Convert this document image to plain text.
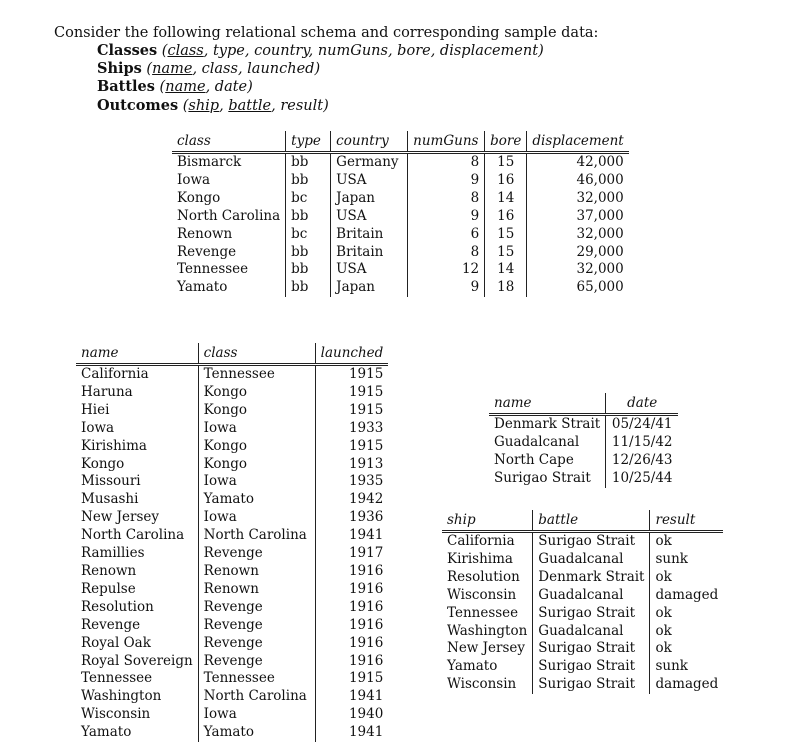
Consider the following relational schema and corresponding sample data:
Classes (class, type, country, numGuns, bore, displacement)
Ships (name, class, launched)
Battles (name, date)
Outcomes (ship, battle, result)
class	type	country	numGuns	bore	displacement
Bismarck	bb	Germany	8	15	42,000
Iowa	bb	USA	9	16	46,000
Kongo	bc	Japan	8	14	32,000
North Carolina	bb	USA	9	16	37,000
Renown	bc	Britain	6	15	32,000
Revenge	bb	Britain	8	15	29,000
Tennessee	bb	USA	12	14	32,000
Yamato	bb	Japan	9	18	65,000
name	class	launched
California	Tennessee	1915
Haruna	Kongo	1915
Hiei	Kongo	1915
Iowa	Iowa	1933
Kirishima	Kongo	1915
Kongo	Kongo	1913
Missouri	Iowa	1935
Musashi	Yamato	1942
New Jersey	Iowa	1936
North Carolina	North Carolina	1941
Ramillies	Revenge	1917
Renown	Renown	1916
Repulse	Renown	1916
Resolution	Revenge	1916
Revenge	Revenge	1916
Royal Oak	Revenge	1916
Royal Sovereign	Revenge	1916
Tennessee	Tennessee	1915
Washington	North Carolina	1941
Wisconsin	Iowa	1940
Yamato	Yamato	1941
name	date
Denmark Strait	05/24/41
Guadalcanal	11/15/42
North Cape	12/26/43
Surigao Strait	10/25/44
ship	battle	result
California	Surigao Strait	ok
Kirishima	Guadalcanal	sunk
Resolution	Denmark Strait	ok
Wisconsin	Guadalcanal	damaged
Tennessee	Surigao Strait	ok
Washington	Guadalcanal	ok
New Jersey	Surigao Strait	ok
Yamato	Surigao Strait	sunk
Wisconsin	Surigao Strait	damaged
